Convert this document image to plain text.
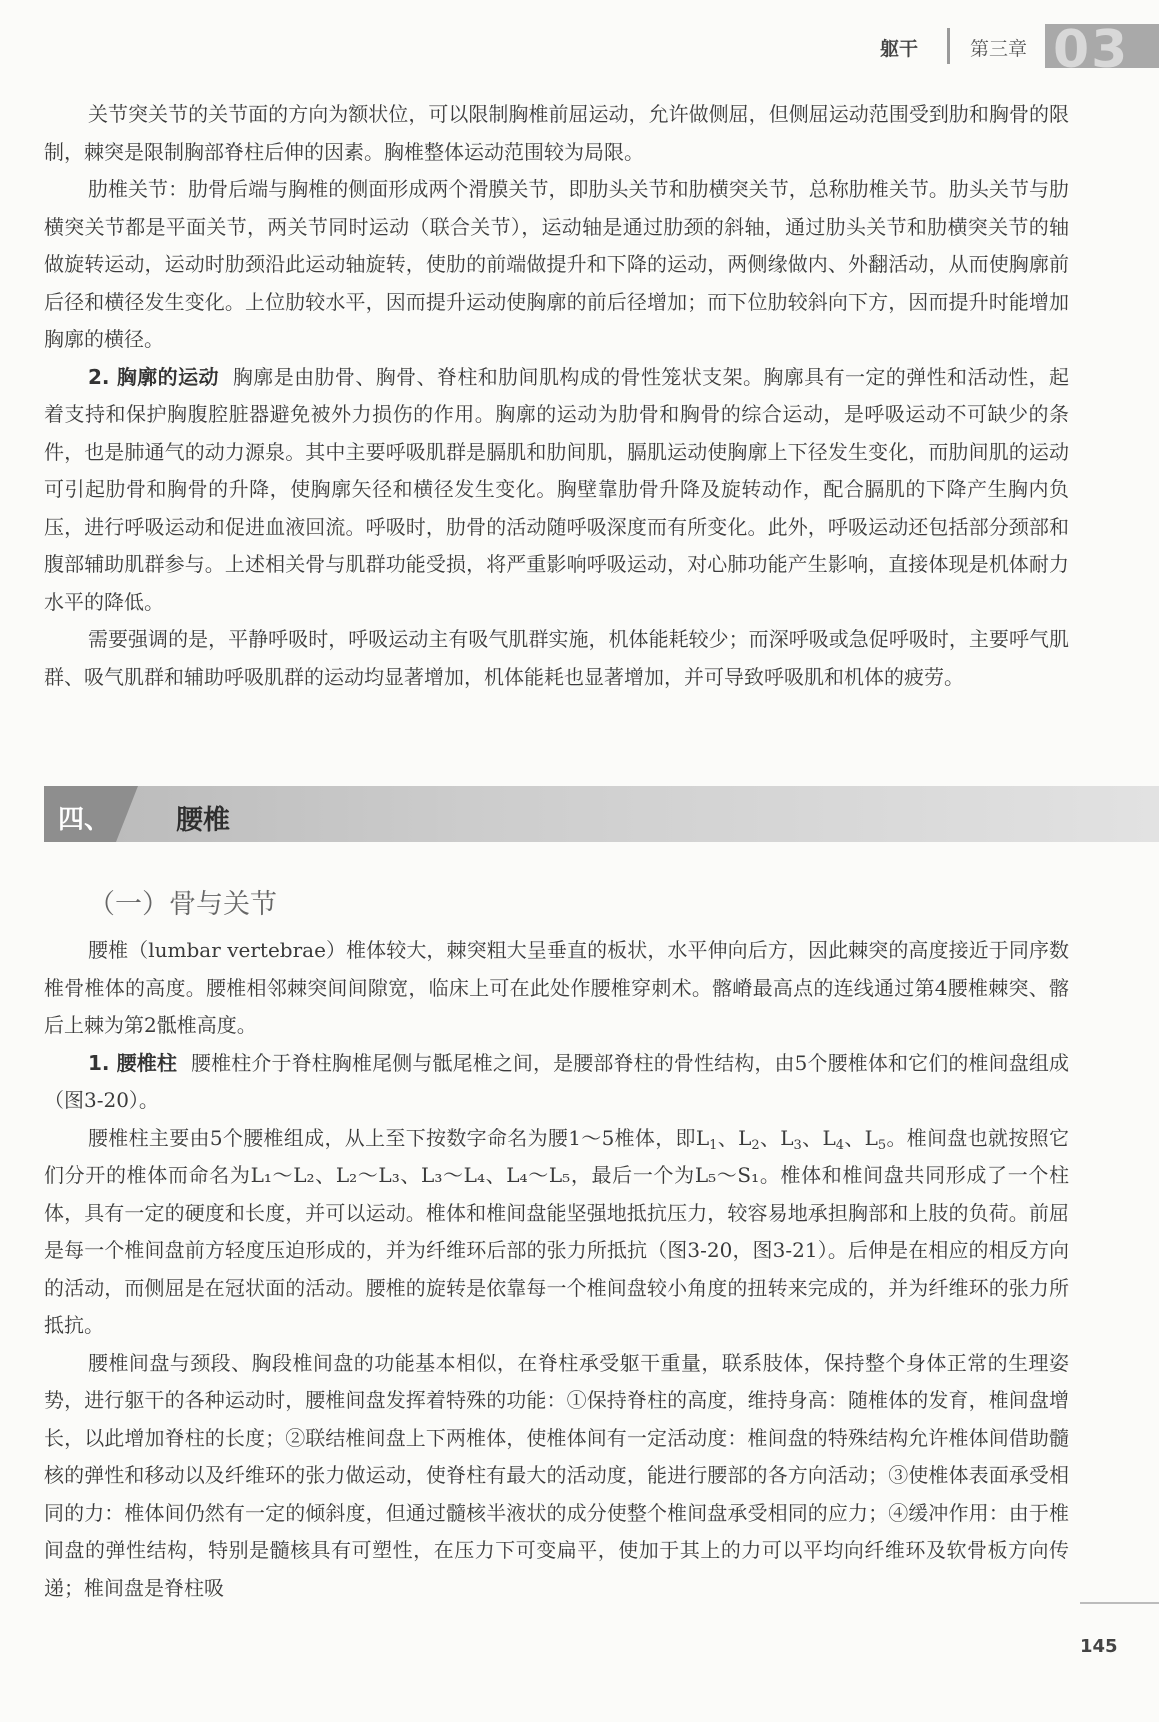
躯干	第三章 03

关节突关节的关节面的方向为额状位，可以限制胸椎前屈运动，允许做侧屈，但侧屈运动范围受到肋和胸骨的限制，棘突是限制胸部脊柱后伸的因素。胸椎整体运动范围较为局限。

肋椎关节：肋骨后端与胸椎的侧面形成两个滑膜关节，即肋头关节和肋横突关节，总称肋椎关节。肋头关节与肋横突关节都是平面关节，两关节同时运动（联合关节），运动轴是通过肋颈的斜轴，通过肋头关节和肋横突关节的轴做旋转运动，运动时肋颈沿此运动轴旋转，使肋的前端做提升和下降的运动，两侧缘做内、外翻活动，从而使胸廓前后径和横径发生变化。上位肋较水平，因而提升运动使胸廓的前后径增加；而下位肋较斜向下方，因而提升时能增加胸廓的横径。

2. 胸廓的运动 胸廓是由肋骨、胸骨、脊柱和肋间肌构成的骨性笼状支架。胸廓具有一定的弹性和活动性，起着支持和保护胸腹腔脏器避免被外力损伤的作用。胸廓的运动为肋骨和胸骨的综合运动，是呼吸运动不可缺少的条件，也是肺通气的动力源泉。其中主要呼吸肌群是膈肌和肋间肌，膈肌运动使胸廓上下径发生变化，而肋间肌的运动可引起肋骨和胸骨的升降，使胸廓矢径和横径发生变化。胸壁靠肋骨升降及旋转动作，配合膈肌的下降产生胸内负压，进行呼吸运动和促进血液回流。呼吸时，肋骨的活动随呼吸深度而有所变化。此外，呼吸运动还包括部分颈部和腹部辅助肌群参与。上述相关骨与肌群功能受损，将严重影响呼吸运动，对心肺功能产生影响，直接体现是机体耐力水平的降低。

需要强调的是，平静呼吸时，呼吸运动主有吸气肌群实施，机体能耗较少；而深呼吸或急促呼吸时，主要呼气肌群、吸气肌群和辅助呼吸肌群的运动均显著增加，机体能耗也显著增加，并可导致呼吸肌和机体的疲劳。

四、 腰椎
（一）骨与关节

腰椎（lumbar vertebrae）椎体较大，棘突粗大呈垂直的板状，水平伸向后方，因此棘突的高度接近于同序数椎骨椎体的高度。腰椎相邻棘突间间隙宽，临床上可在此处作腰椎穿刺术。髂嵴最高点的连线通过第4腰椎棘突、髂后上棘为第2骶椎高度。

1. 腰椎柱 腰椎柱介于脊柱胸椎尾侧与骶尾椎之间，是腰部脊柱的骨性结构，由5个腰椎体和它们的椎间盘组成（图3-20）。

腰椎柱主要由5个腰椎组成，从上至下按数字命名为腰1～5椎体，即$L_1$、$L_2$、$L_3$、$L_4$、$L_5$。椎间盘也就按照它们分开的椎体而命名为L₁～L₂、L₂～L₃、L₃～L₄、L₄～L₅，最后一个为L₅～S₁。椎体和椎间盘共同形成了一个柱体，具有一定的硬度和长度，并可以运动。椎体和椎间盘能坚强地抵抗压力，较容易地承担胸部和上肢的负荷。前屈是每一个椎间盘前方轻度压迫形成的，并为纤维环后部的张力所抵抗（图3-20，图3-21）。后伸是在相应的相反方向的活动，而侧屈是在冠状面的活动。腰椎的旋转是依靠每一个椎间盘较小角度的扭转来完成的，并为纤维环的张力所抵抗。

腰椎间盘与颈段、胸段椎间盘的功能基本相似，在脊柱承受躯干重量，联系肢体，保持整个身体正常的生理姿势，进行躯干的各种运动时，腰椎间盘发挥着特殊的功能：①保持脊柱的高度，维持身高：随椎体的发育，椎间盘增长，以此增加脊柱的长度；②联结椎间盘上下两椎体，使椎体间有一定活动度：椎间盘的特殊结构允许椎体间借助髓核的弹性和移动以及纤维环的张力做运动，使脊柱有最大的活动度，能进行腰部的各方向活动；③使椎体表面承受相同的力：椎体间仍然有一定的倾斜度，但通过髓核半液状的成分使整个椎间盘承受相同的应力；④缓冲作用：由于椎间盘的弹性结构，特别是髓核具有可塑性，在压力下可变扁平，使加于其上的力可以平均向纤维环及软骨板方向传递；椎间盘是脊柱吸

145
